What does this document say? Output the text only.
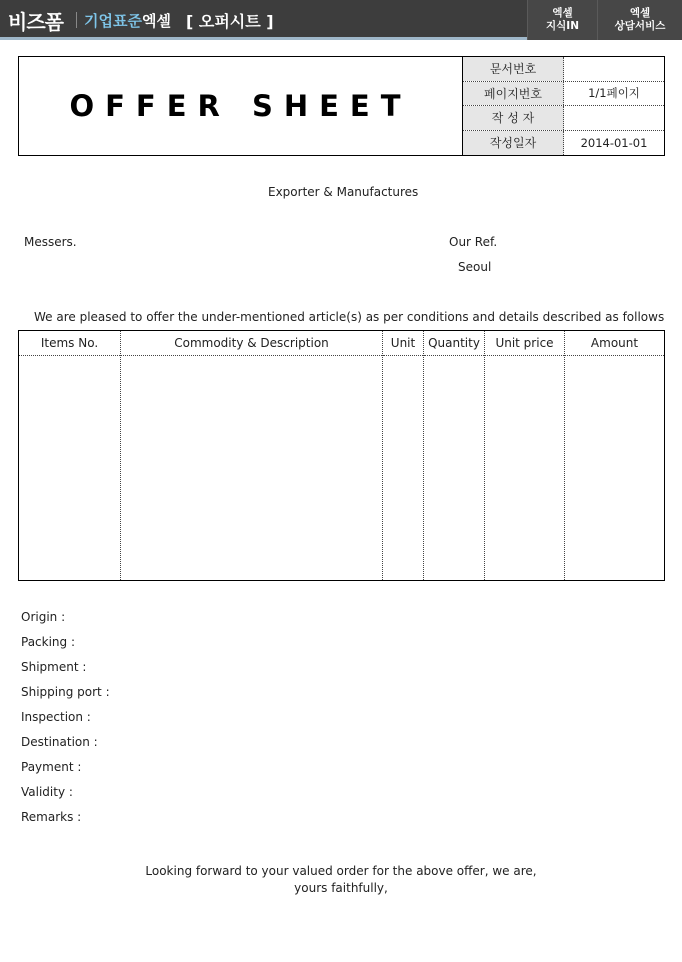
비즈폼 기업표준엑셀 [ 오퍼시트 ]	엑셀
지식IN
엑셀
상담서비스
OFFER SHEET
문서번호
페이지번호	1/1페이지
작 성 자
작성일자	2014-01-01
Exporter & Manufactures
Messers.	Our Ref.
Seoul
We are pleased to offer the under-mentioned article(s) as per conditions and details described as follows
Items No.	Commodity & Description	Unit	Quantity	Unit price	Amount
Origin :
Packing :
Shipment :
Shipping port :
Inspection :
Destination :
Payment :
Validity :
Remarks :
Looking forward to your valued order for the above offer, we are,
yours faithfully,
